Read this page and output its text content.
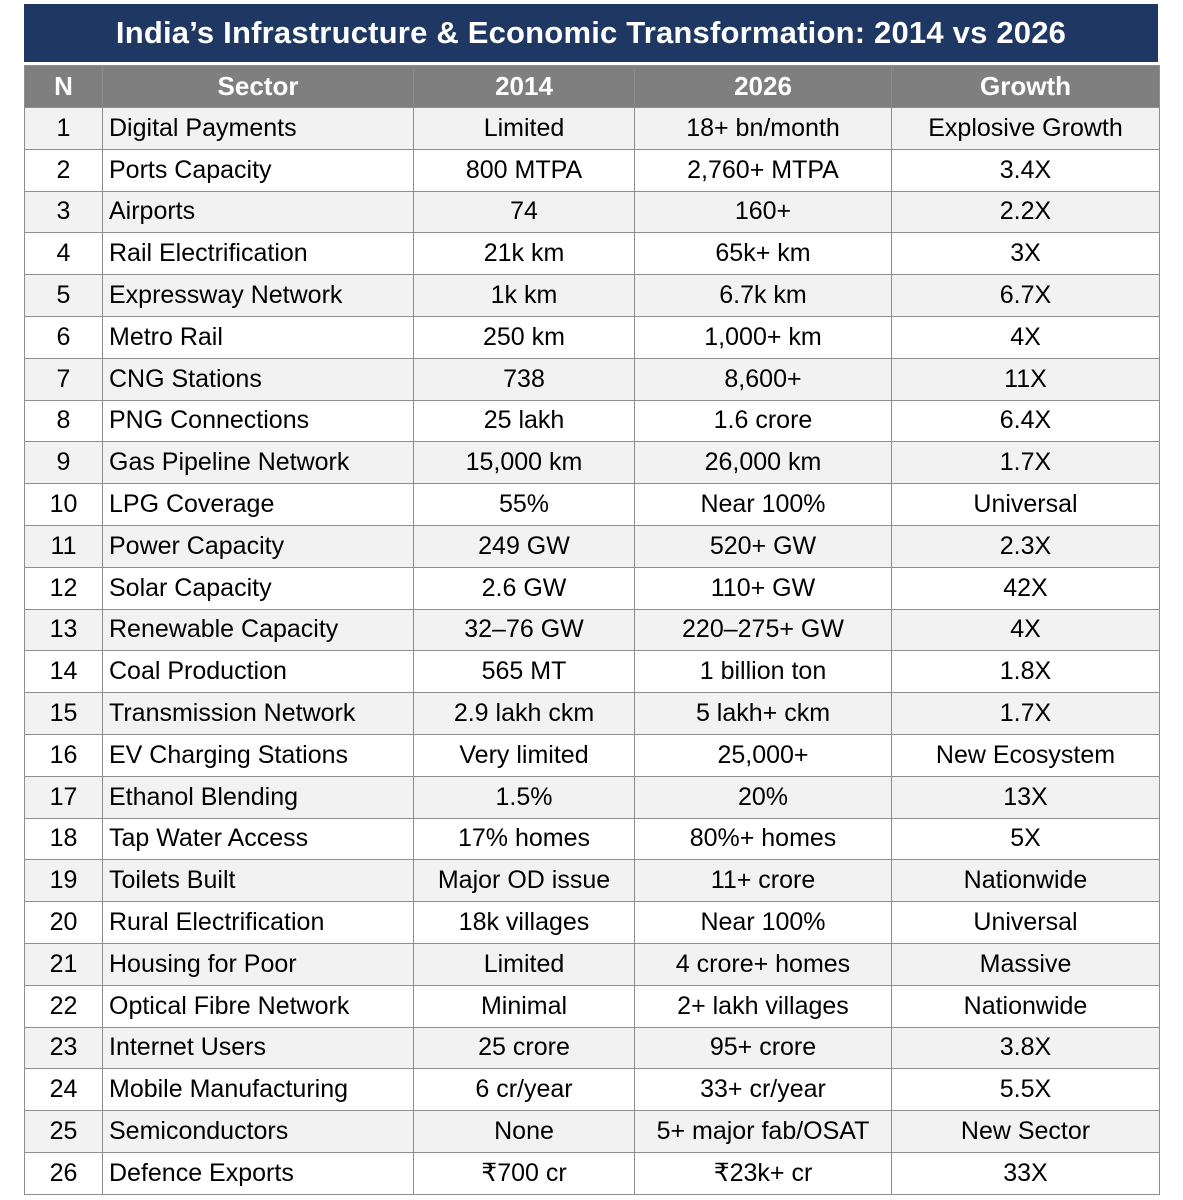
India’s Infrastructure & Economic Transformation: 2014 vs 2026
N	Sector	2014	2026	Growth
1	Digital Payments	Limited	18+ bn/month	Explosive Growth
2	Ports Capacity	800 MTPA	2,760+ MTPA	3.4X
3	Airports	74	160+	2.2X
4	Rail Electrification	21k km	65k+ km	3X
5	Expressway Network	1k km	6.7k km	6.7X
6	Metro Rail	250 km	1,000+ km	4X
7	CNG Stations	738	8,600+	11X
8	PNG Connections	25 lakh	1.6 crore	6.4X
9	Gas Pipeline Network	15,000 km	26,000 km	1.7X
10	LPG Coverage	55%	Near 100%	Universal
11	Power Capacity	249 GW	520+ GW	2.3X
12	Solar Capacity	2.6 GW	110+ GW	42X
13	Renewable Capacity	32–76 GW	220–275+ GW	4X
14	Coal Production	565 MT	1 billion ton	1.8X
15	Transmission Network	2.9 lakh ckm	5 lakh+ ckm	1.7X
16	EV Charging Stations	Very limited	25,000+	New Ecosystem
17	Ethanol Blending	1.5%	20%	13X
18	Tap Water Access	17% homes	80%+ homes	5X
19	Toilets Built	Major OD issue	11+ crore	Nationwide
20	Rural Electrification	18k villages	Near 100%	Universal
21	Housing for Poor	Limited	4 crore+ homes	Massive
22	Optical Fibre Network	Minimal	2+ lakh villages	Nationwide
23	Internet Users	25 crore	95+ crore	3.8X
24	Mobile Manufacturing	6 cr/year	33+ cr/year	5.5X
25	Semiconductors	None	5+ major fab/OSAT	New Sector
26	Defence Exports	₹700 cr	₹23k+ cr	33X
